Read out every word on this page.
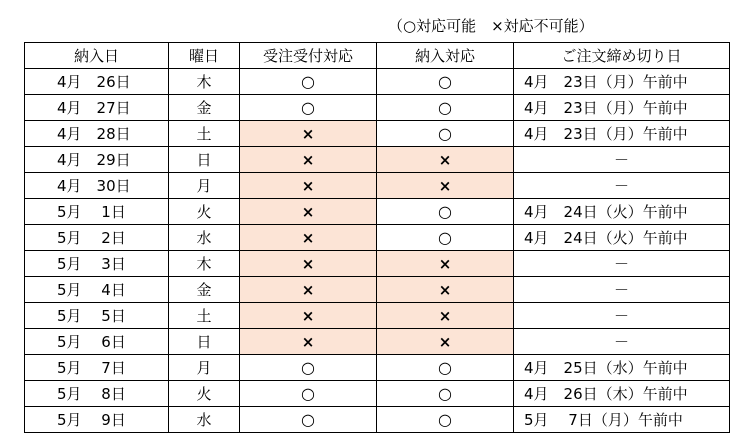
（○対応可能　×対応不可能）
納入日	曜日	受注受付対応	納入対応	ご注文締め切り日
4月　26日	木	○	○	4月　23日（月）午前中
4月　27日	金	○	○	4月　23日（月）午前中
4月　28日	土	×	○	4月　23日（月）午前中
4月　29日	日	×	×	－
4月　30日	月	×	×	－
5月　 1日	火	×	○	4月　24日（火）午前中
5月　 2日	水	×	○	4月　24日（火）午前中
5月　 3日	木	×	×	－
5月　 4日	金	×	×	－
5月　 5日	土	×	×	－
5月　 6日	日	×	×	－
5月　 7日	月	○	○	4月　25日（水）午前中
5月　 8日	火	○	○	4月　26日（木）午前中
5月　 9日	水	○	○	5月　 7日（月）午前中
